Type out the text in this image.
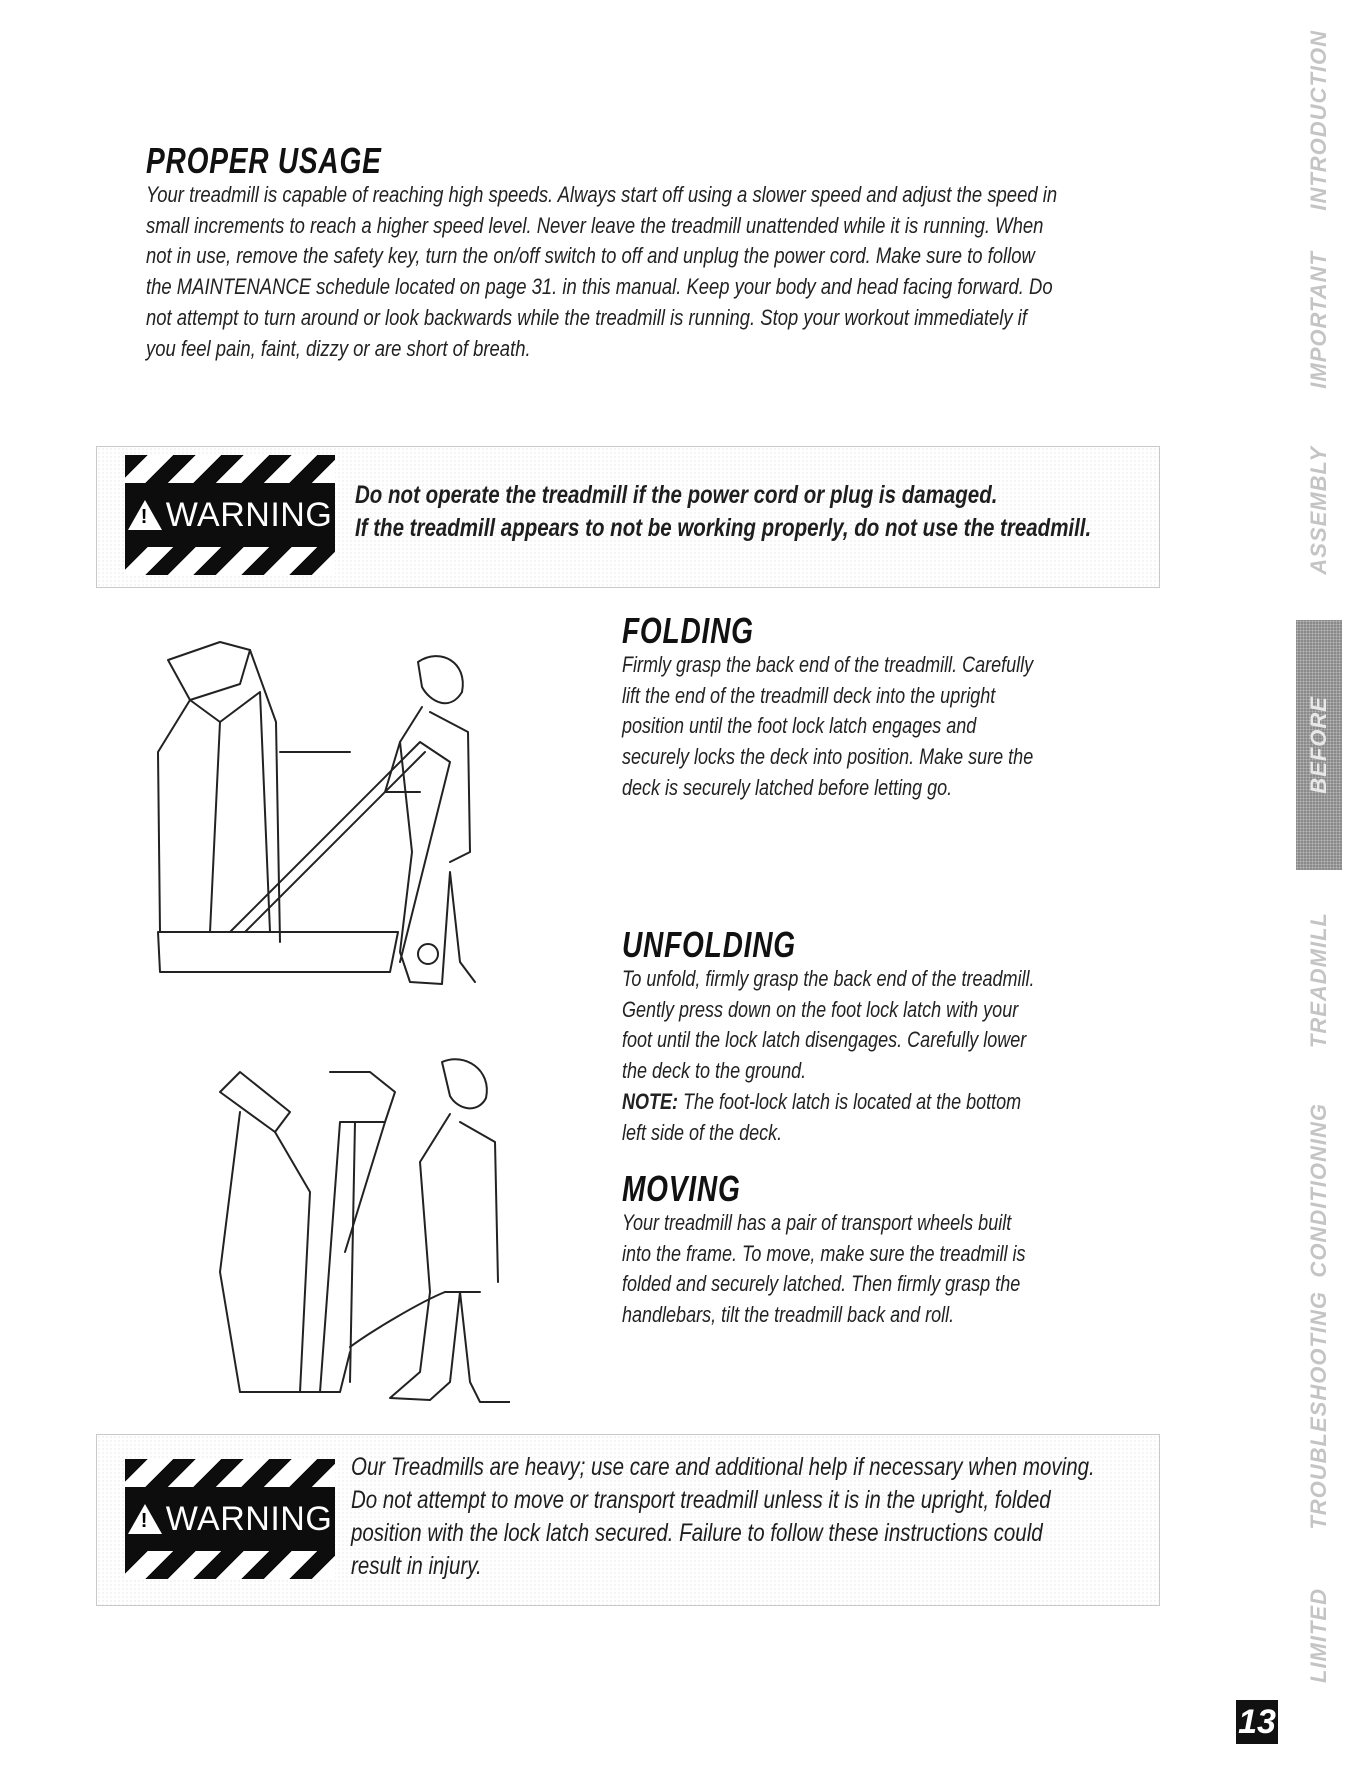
PROPER USAGE
Your treadmill is capable of reaching high speeds. Always start off using a slower speed and adjust the speed in
small increments to reach a higher speed level. Never leave the treadmill unattended while it is running. When
not in use, remove the safety key, turn the on/off switch to off and unplug the power cord. Make sure to follow
the MAINTENANCE schedule located on page 31. in this manual. Keep your body and head facing forward. Do
not attempt to turn around or look backwards while the treadmill is running. Stop your workout immediately if
you feel pain, faint, dizzy or are short of breath.
!
WARNING
Do not operate the treadmill if the power cord or plug is damaged.
If the treadmill appears to not be working properly, do not use the treadmill.
FOLDING
Firmly grasp the back end of the treadmill. Carefully
lift the end of the treadmill deck into the upright
position until the foot lock latch engages and
securely locks the deck into position. Make sure the
deck is securely latched before letting go.
UNFOLDING
To unfold, firmly grasp the back end of the treadmill.
Gently press down on the foot lock latch with your
foot until the lock latch disengages. Carefully lower
the deck to the ground.
NOTE: The foot-lock latch is located at the bottom
left side of the deck.
MOVING
Your treadmill has a pair of transport wheels built
into the frame. To move, make sure the treadmill is
folded and securely latched. Then firmly grasp the
handlebars, tilt the treadmill back and roll.
!
WARNING
Our Treadmills are heavy; use care and additional help if necessary when moving.
Do not attempt to move or transport treadmill unless it is in the upright, folded
position with the lock latch secured. Failure to follow these instructions could
result in injury.
INTRODUCTION
IMPORTANT
ASSEMBLY
BEFORE
TREADMILL
CONDITIONING
TROUBLESHOOTING
LIMITED
13
